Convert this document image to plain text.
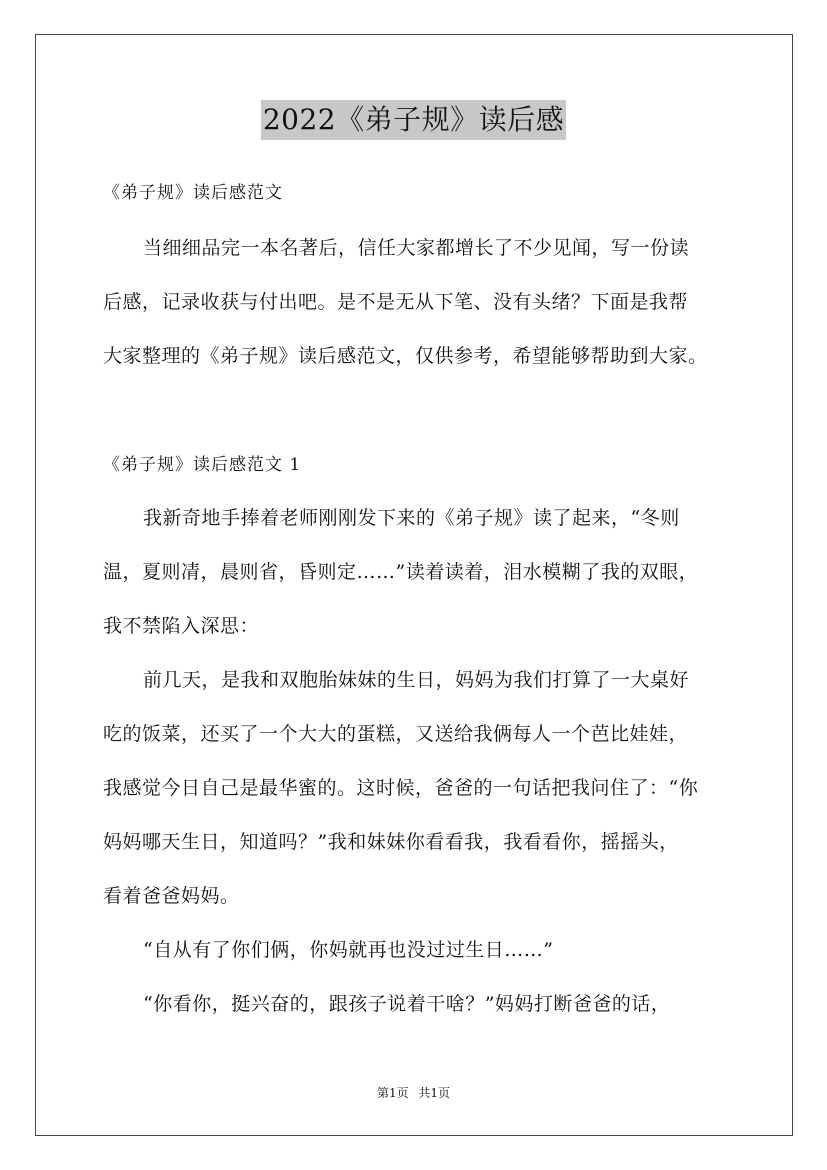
2022《弟子规》读后感
《弟子规》读后感范文
当细细品完一本名著后，信任大家都增长了不少见闻，写一份读
后感，记录收获与付出吧。是不是无从下笔、没有头绪？下面是我帮
大家整理的《弟子规》读后感范文，仅供参考，希望能够帮助到大家。
《弟子规》读后感范文 1
我新奇地手捧着老师刚刚发下来的《弟子规》读了起来，“冬则
温，夏则凊，晨则省，昏则定……”读着读着，泪水模糊了我的双眼，
我不禁陷入深思：
前几天，是我和双胞胎妹妹的生日，妈妈为我们打算了一大桌好
吃的饭菜，还买了一个大大的蛋糕，又送给我俩每人一个芭比娃娃，
我感觉今日自己是最华蜜的。这时候，爸爸的一句话把我问住了：“你
妈妈哪天生日，知道吗？”我和妹妹你看看我，我看看你，摇摇头，
看着爸爸妈妈。
“自从有了你们俩，你妈就再也没过过生日……”
“你看你，挺兴奋的，跟孩子说着干啥？”妈妈打断爸爸的话，
第1页 共1页
